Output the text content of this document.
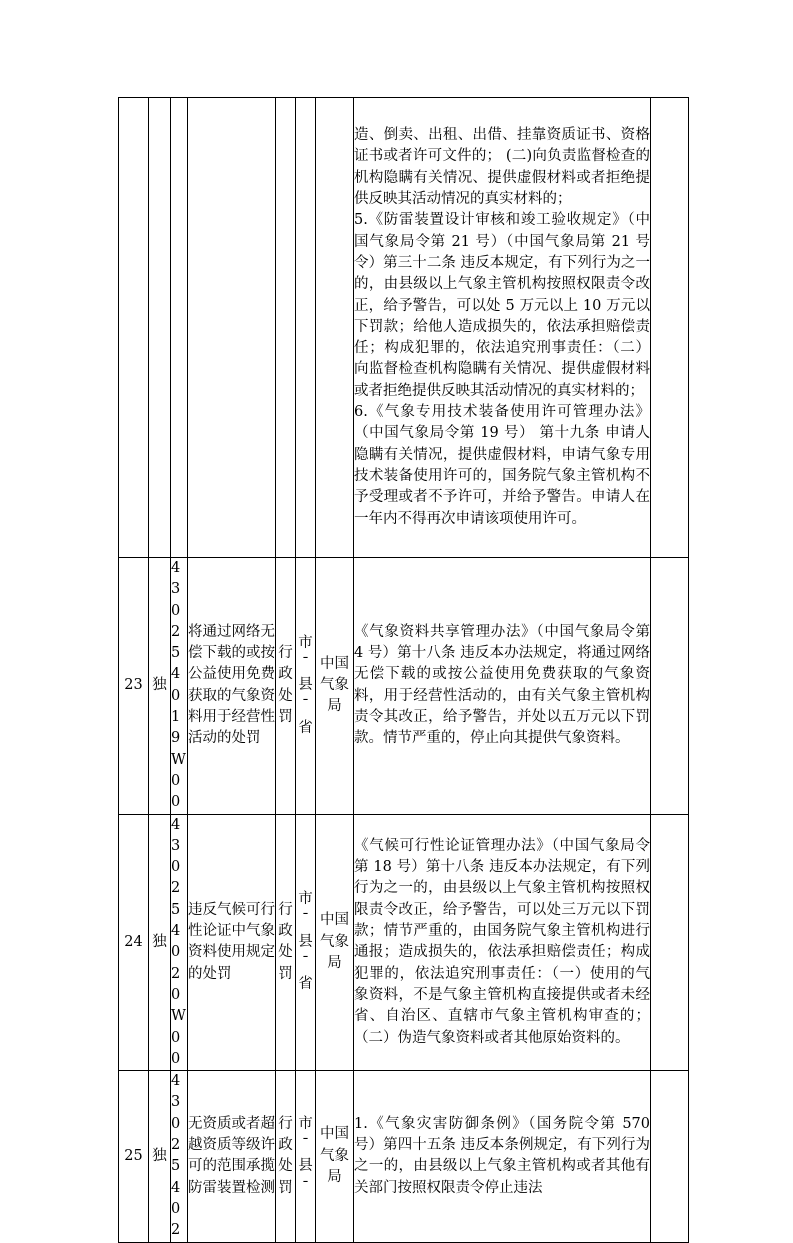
							造、倒卖、出租、出借、挂靠资质证书、资格证书或者许可文件的； (二)向负责监督检查的机构隐瞒有关情况、提供虚假材料或者拒绝提供反映其活动情况的真实材料的；
5.《防雷装置设计审核和竣工验收规定》（中国气象局令第 21 号）（中国气象局第 21 号令）第三十二条 违反本规定，有下列行为之一的，由县级以上气象主管机构按照权限责令改正，给予警告，可以处 5 万元以上 10 万元以下罚款；给他人造成损失的，依法承担赔偿责任；构成犯罪的，依法追究刑事责任：（二）向监督检查机构隐瞒有关情况、提供虚假材料或者拒绝提供反映其活动情况的真实材料的；
6.《气象专用技术装备使用许可管理办法》（中国气象局令第 19 号） 第十九条 申请人隐瞒有关情况，提供虚假材料，申请气象专用技术装备使用许可的，国务院气象主管机构不予受理或者不予许可，并给予警告。申请人在一年内不得再次申请该项使用许可。	

23	独	430254019W00	将通过网络无偿下载的或按公益使用免费获取的气象资料用于经营性活动的处罚	行政处罚	市ˉ县ˉ省	中国气象局	《气象资料共享管理办法》（中国气象局令第 4 号）第十八条 违反本办法规定，将通过网络无偿下载的或按公益使用免费获取的气象资料，用于经营性活动的，由有关气象主管机构责令其改正，给予警告，并处以五万元以下罚款。情节严重的，停止向其提供气象资料。	

24	独	430254020W00	违反气候可行性论证中气象资料使用规定的处罚	行政处罚	市ˉ县ˉ省	中国气象局	《气候可行性论证管理办法》（中国气象局令第 18 号）第十八条 违反本办法规定，有下列行为之一的，由县级以上气象主管机构按照权限责令改正，给予警告，可以处三万元以下罚款；情节严重的，由国务院气象主管机构进行通报；造成损失的，依法承担赔偿责任；构成犯罪的，依法追究刑事责任：（一）使用的气象资料，不是气象主管机构直接提供或者未经省、自治区、直辖市气象主管机构审查的；（二）伪造气象资料或者其他原始资料的。	

25	独	43025402	无资质或者超越资质等级许可的范围承揽防雷装置检测	行政处罚	市ˉ县ˉ	中国气象局	1.《气象灾害防御条例》（国务院令第 570 号）第四十五条 违反本条例规定，有下列行为之一的，由县级以上气象主管机构或者其他有关部门按照权限责令停止违法	
